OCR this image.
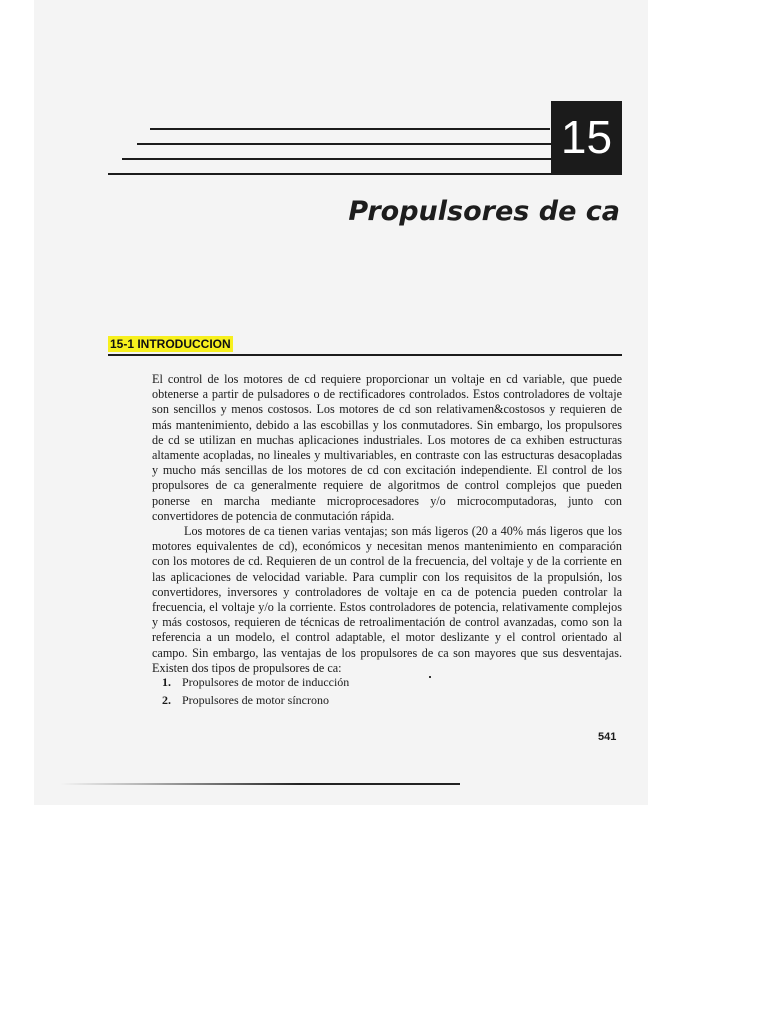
15
Propulsores de ca
15-1 INTRODUCCION

El control de los motores de cd requiere proporcionar un voltaje en cd variable, que puede obtenerse a partir de pulsadores o de rectificadores controlados. Estos controladores de voltaje son sencillos y menos costosos. Los motores de cd son relativamen&costosos y requieren de más mantenimiento, debido a las escobillas y los conmutadores. Sin embargo, los propulsores de cd se utilizan en muchas aplicaciones industriales. Los motores de ca exhiben estructuras altamente acopladas, no lineales y multivariables, en contraste con las estructuras desacopladas y mucho más sencillas de los motores de cd con excitación independiente. El control de los propulsores de ca generalmente requiere de algoritmos de control complejos que pueden ponerse en marcha mediante microprocesadores y/o microcomputadoras, junto con convertidores de potencia de conmutación rápida.

Los motores de ca tienen varias ventajas; son más ligeros (20 a 40% más ligeros que los motores equivalentes de cd), económicos y necesitan menos mantenimiento en comparación con los motores de cd. Requieren de un control de la frecuencia, del voltaje y de la corriente en las aplicaciones de velocidad variable. Para cumplir con los requisitos de la propulsión, los convertidores, inversores y controladores de voltaje en ca de potencia pueden controlar la frecuencia, el voltaje y/o la corriente. Estos controladores de potencia, relativamente complejos y más costosos, requieren de técnicas de retroalimentación de control avanzadas, como son la referencia a un modelo, el control adaptable, el motor deslizante y el control orientado al campo. Sin embargo, las ventajas de los propulsores de ca son mayores que sus desventajas. Existen dos tipos de propulsores de ca:

1. Propulsores de motor de inducción
2. Propulsores de motor síncrono
541
